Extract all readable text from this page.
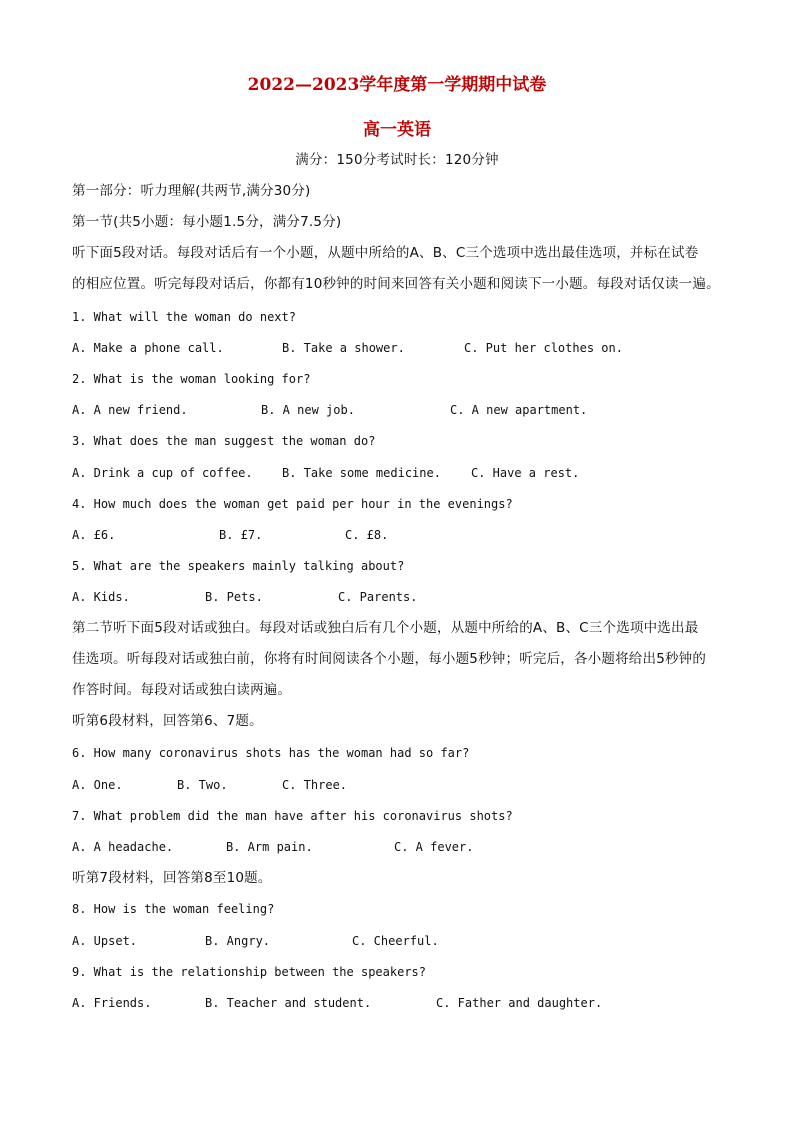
2022—2023学年度第一学期期中试卷
高一英语
满分：150分考试时长：120分钟
第一部分：听力理解(共两节,满分30分)
第一节(共5小题：每小题1.5分，满分7.5分)
听下面5段对话。每段对话后有一个小题，从题中所给的A、B、C三个选项中选出最佳选项，并标在试卷
的相应位置。听完每段对话后，你都有10秒钟的时间来回答有关小题和阅读下一小题。每段对话仅读一遍。
1. What will the woman do next?
A. Make a phone call.	B. Take a shower.	C. Put her clothes on.
2. What is the woman looking for?
A. A new friend.	B. A new job.	C. A new apartment.
3. What does the man suggest the woman do?
A. Drink a cup of coffee. B. Take some medicine.	C. Have a rest.
4. How much does the woman get paid per hour in the evenings?
A. £6.	B. £7.	C. £8.
5. What are the speakers mainly talking about?
A. Kids.	B. Pets.	C. Parents.
第二节听下面5段对话或独白。每段对话或独白后有几个小题，从题中所给的A、B、C三个选项中选出最
佳选项。听每段对话或独白前，你将有时间阅读各个小题，每小题5秒钟；听完后，各小题将给出5秒钟的
作答时间。每段对话或独白读两遍。
听第6段材料，回答第6、7题。
6. How many coronavirus shots has the woman had so far?
A. One.	B. Two.	C. Three.
7. What problem did the man have after his coronavirus shots?
A. A headache.	B. Arm pain.	C. A fever.
听第7段材料，回答第8至10题。
8. How is the woman feeling?
A. Upset.	B. Angry.	C. Cheerful.
9. What is the relationship between the speakers?
A. Friends.	B. Teacher and student.	C. Father and daughter.
